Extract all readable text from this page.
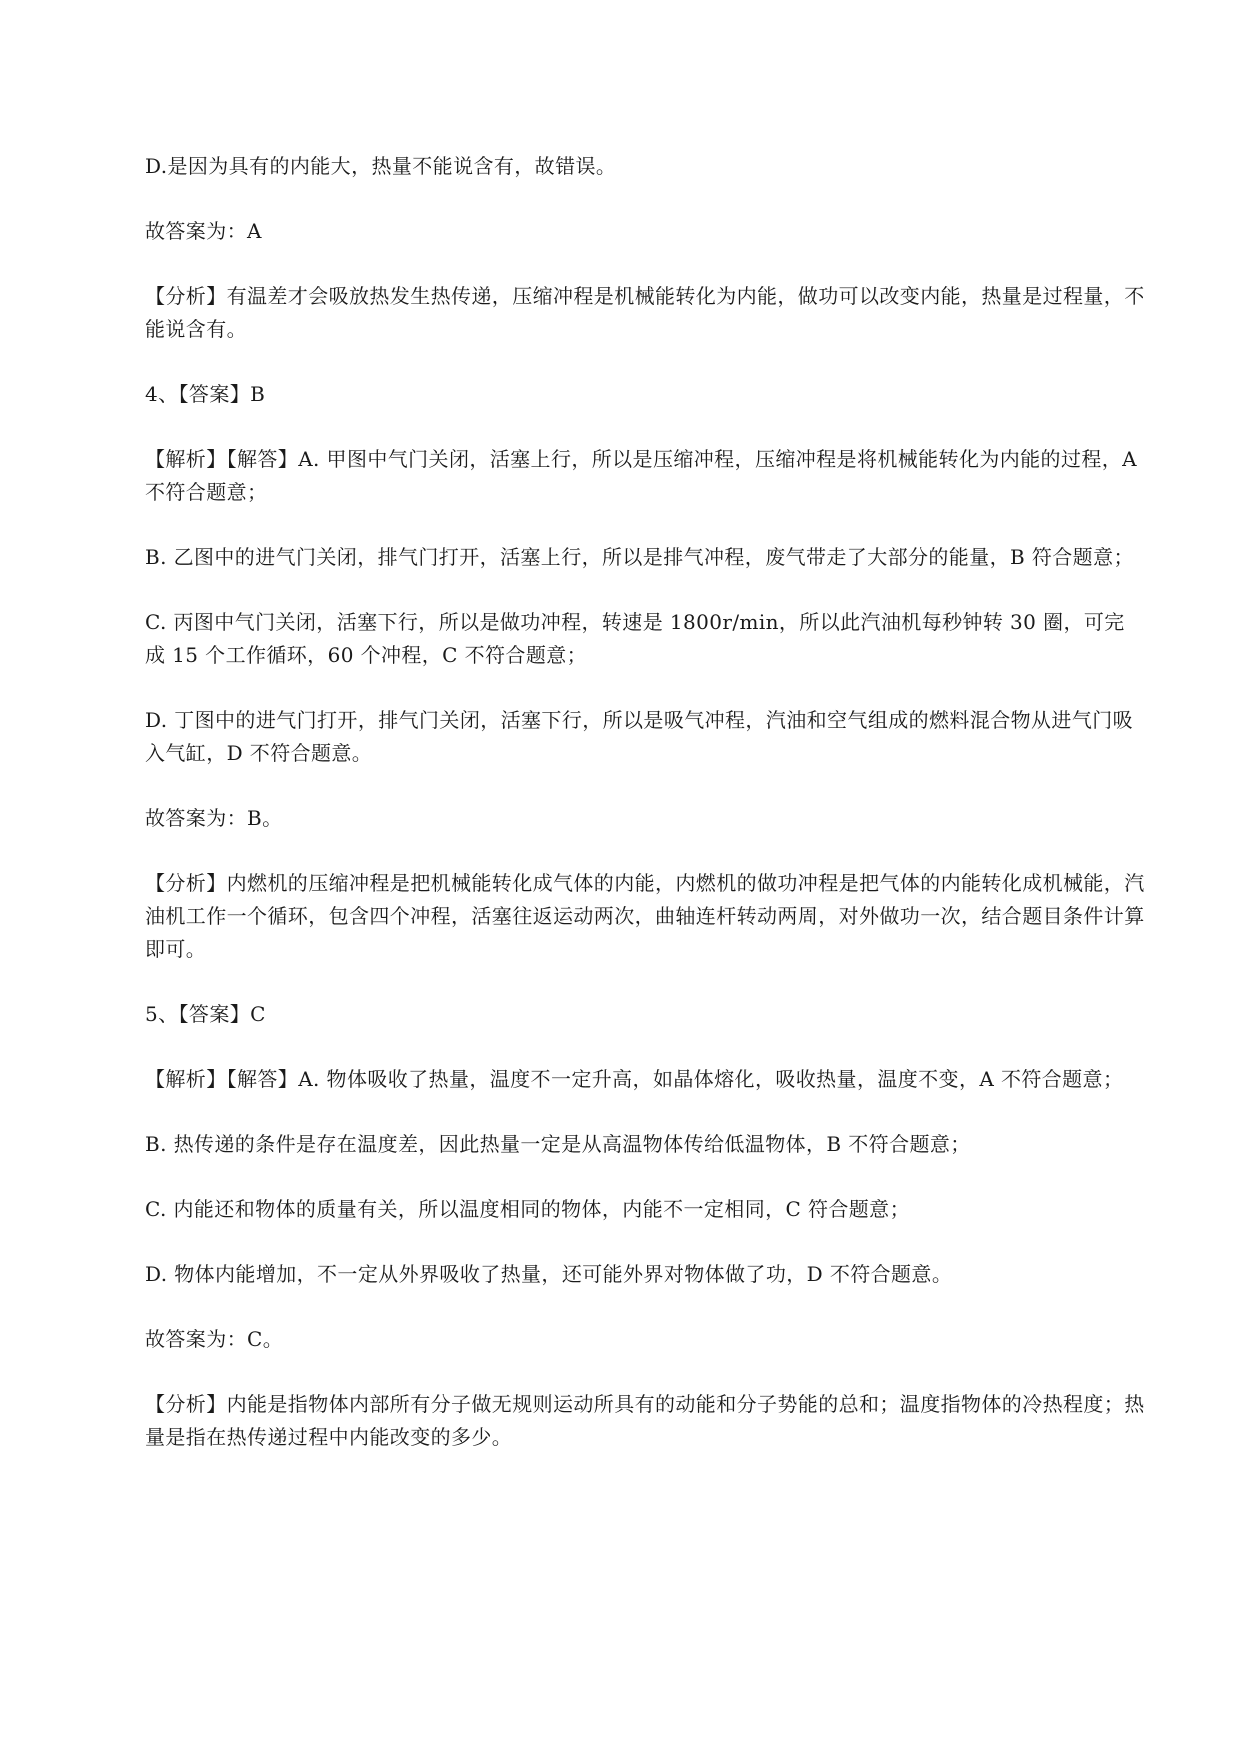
D.是因为具有的内能大，热量不能说含有，故错误。

故答案为：A

【分析】有温差才会吸放热发生热传递，压缩冲程是机械能转化为内能，做功可以改变内能，热量是过程量，不能说含有。

4、【答案】B

【解析】【解答】A. 甲图中气门关闭，活塞上行，所以是压缩冲程，压缩冲程是将机械能转化为内能的过程，A 不符合题意；

B. 乙图中的进气门关闭，排气门打开，活塞上行，所以是排气冲程，废气带走了大部分的能量，B 符合题意；

C. 丙图中气门关闭，活塞下行，所以是做功冲程，转速是 1800r/min，所以此汽油机每秒钟转 30 圈，可完成 15 个工作循环，60 个冲程，C 不符合题意；

D. 丁图中的进气门打开，排气门关闭，活塞下行，所以是吸气冲程，汽油和空气组成的燃料混合物从进气门吸入气缸，D 不符合题意。

故答案为：B。

【分析】内燃机的压缩冲程是把机械能转化成气体的内能，内燃机的做功冲程是把气体的内能转化成机械能，汽油机工作一个循环，包含四个冲程，活塞往返运动两次，曲轴连杆转动两周，对外做功一次，结合题目条件计算即可。

5、【答案】C

【解析】【解答】A. 物体吸收了热量，温度不一定升高，如晶体熔化，吸收热量，温度不变，A 不符合题意；

B. 热传递的条件是存在温度差，因此热量一定是从高温物体传给低温物体，B 不符合题意；

C. 内能还和物体的质量有关，所以温度相同的物体，内能不一定相同，C 符合题意；

D. 物体内能增加，不一定从外界吸收了热量，还可能外界对物体做了功，D 不符合题意。

故答案为：C。

【分析】内能是指物体内部所有分子做无规则运动所具有的动能和分子势能的总和；温度指物体的冷热程度；热量是指在热传递过程中内能改变的多少。
